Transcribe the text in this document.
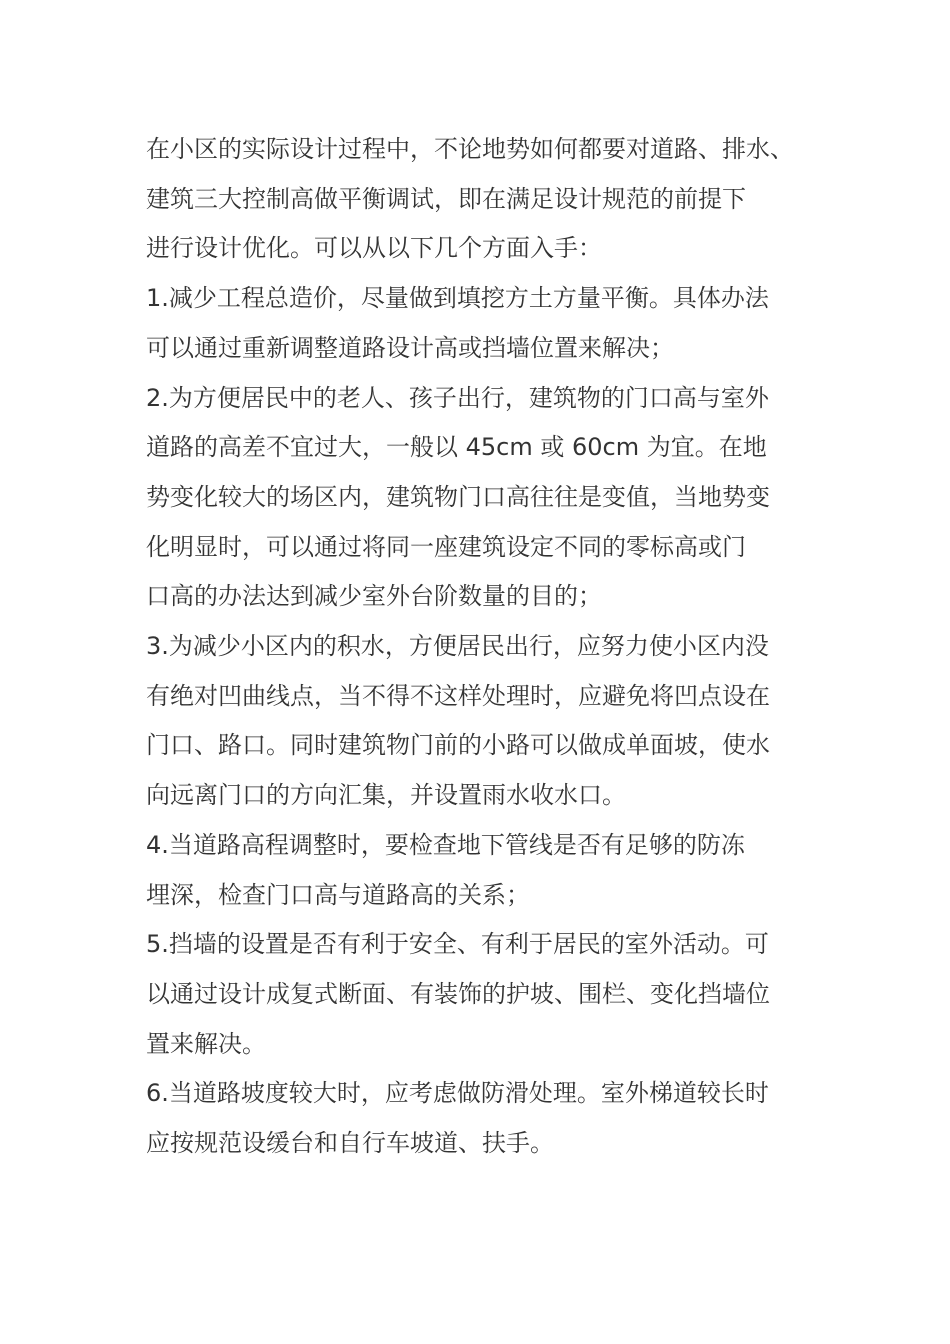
在小区的实际设计过程中，不论地势如何都要对道路、排水、
建筑三大控制高做平衡调试，即在满足设计规范的前提下
进行设计优化。可以从以下几个方面入手：

1.减少工程总造价，尽量做到填挖方土方量平衡。具体办法
可以通过重新调整道路设计高或挡墙位置来解决；

2.为方便居民中的老人、孩子出行，建筑物的门口高与室外
道路的高差不宜过大，一般以 45cm 或 60cm 为宜。在地
势变化较大的场区内，建筑物门口高往往是变值，当地势变
化明显时，可以通过将同一座建筑设定不同的零标高或门
口高的办法达到减少室外台阶数量的目的；

3.为减少小区内的积水，方便居民出行，应努力使小区内没
有绝对凹曲线点，当不得不这样处理时，应避免将凹点设在
门口、路口。同时建筑物门前的小路可以做成单面坡，使水
向远离门口的方向汇集，并设置雨水收水口。

4.当道路高程调整时，要检查地下管线是否有足够的防冻
埋深，检查门口高与道路高的关系；

5.挡墙的设置是否有利于安全、有利于居民的室外活动。可
以通过设计成复式断面、有装饰的护坡、围栏、变化挡墙位
置来解决。

6.当道路坡度较大时，应考虑做防滑处理。室外梯道较长时
应按规范设缓台和自行车坡道、扶手。
